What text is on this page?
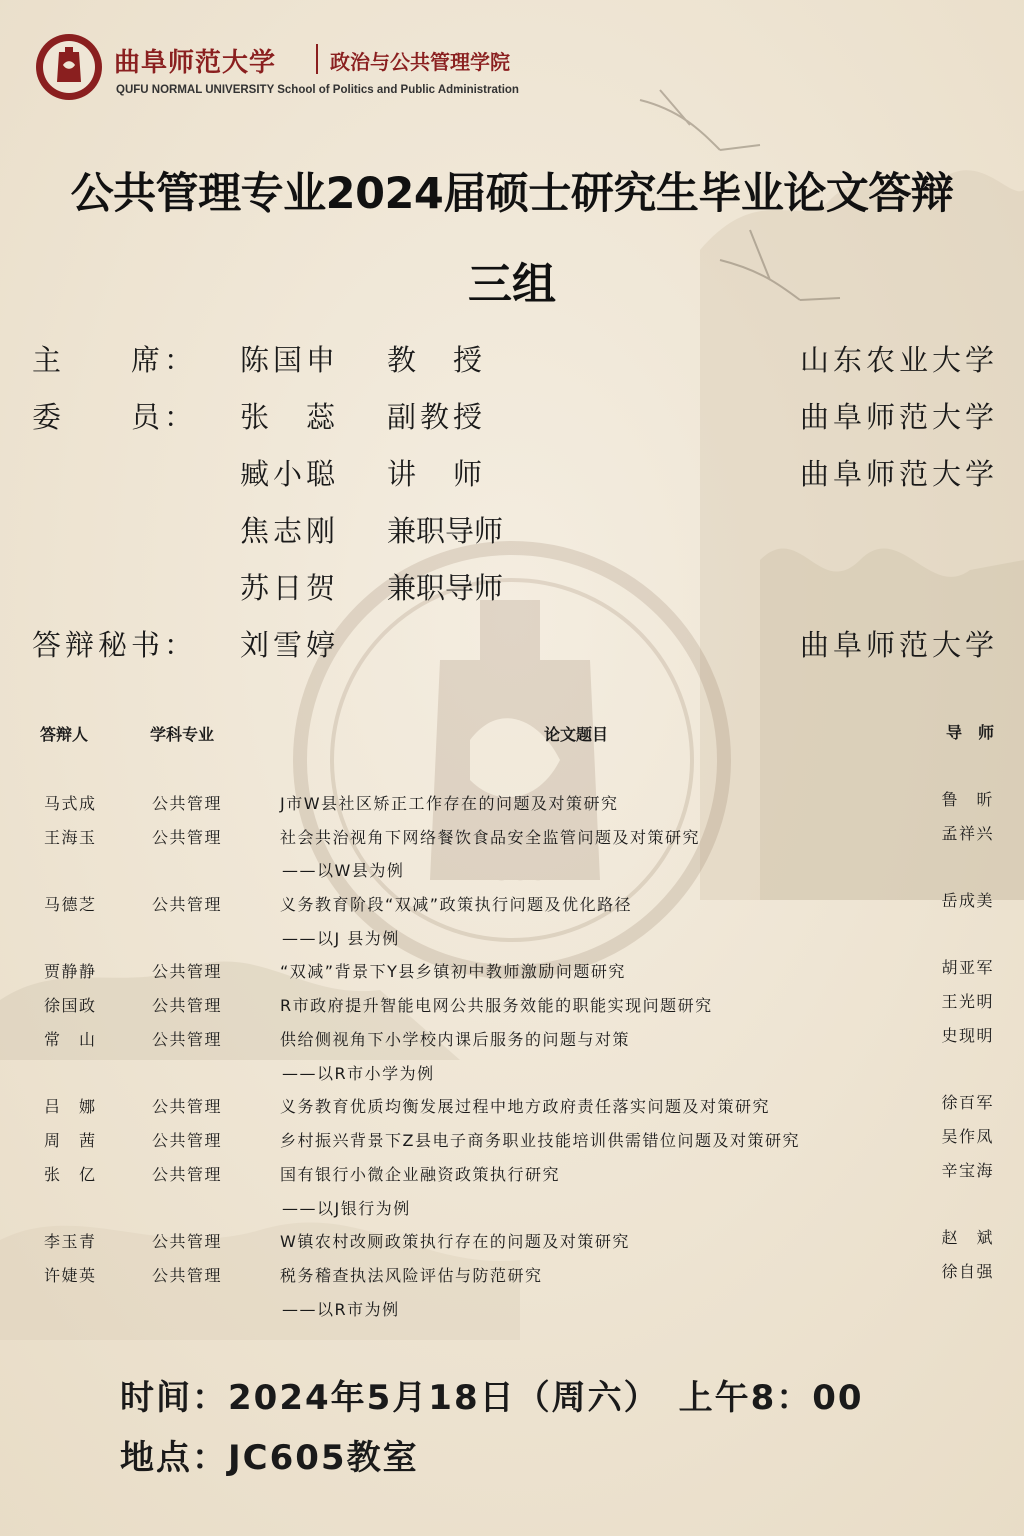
1955
曲阜师范大学	政治与公共管理学院
QUFU NORMAL UNIVERSITY School of Politics and Public Administration
公共管理专业2024届硕士研究生毕业论文答辩
三组
主　　席： 陈国申 教　授	山东农业大学
委　　员： 张　蕊 副教授	曲阜师范大学
臧小聪 讲　师	曲阜师范大学
焦志刚 兼职导师
苏日贺 兼职导师
答辩秘书： 刘雪婷	曲阜师范大学
答辩人	学科专业	论文题目	导　师
马式成	公共管理	J市W县社区矫正工作存在的问题及对策研究	鲁　昕
王海玉	公共管理	社会共治视角下网络餐饮食品安全监管问题及对策研究	孟祥兴
——以W县为例
马德芝	公共管理	义务教育阶段“双减”政策执行问题及优化路径	岳成美
——以J 县为例
贾静静	公共管理	“双减”背景下Y县乡镇初中教师激励问题研究	胡亚军
徐国政	公共管理	R市政府提升智能电网公共服务效能的职能实现问题研究	王光明
常　山	公共管理	供给侧视角下小学校内课后服务的问题与对策	史现明
——以R市小学为例
吕　娜	公共管理	义务教育优质均衡发展过程中地方政府责任落实问题及对策研究	徐百军
周　茜	公共管理	乡村振兴背景下Z县电子商务职业技能培训供需错位问题及对策研究	吴作凤
张　亿	公共管理	国有银行小微企业融资政策执行研究	辛宝海
——以J银行为例
李玉青	公共管理	W镇农村改厕政策执行存在的问题及对策研究	赵　斌
许婕英	公共管理	税务稽查执法风险评估与防范研究	徐自强
——以R市为例
时间：2024年5月18日（周六）　上午8：00
地点：JC605教室
